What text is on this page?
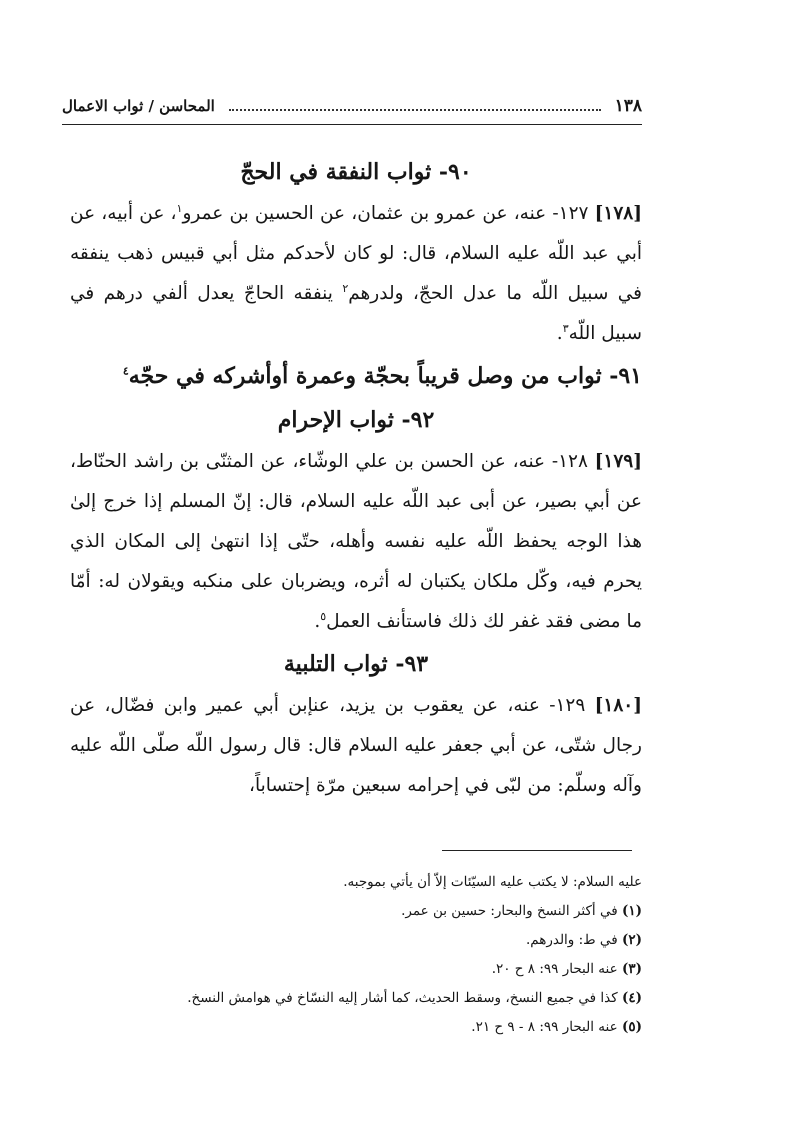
١٣٨
المحاسن / ثواب الاعمال

٩٠- ثواب النفقة في الحجّ

[١٧٨] ١٢٧- عنه، عن عمرو بن عثمان، عن الحسين بن عمرو$^١$، عن أبيه، عن أبي عبد اللّه عليه السلام، قال: لو كان لأحدكم مثل أبي قبيس ذهب ينفقه في سبيل اللّه ما عدل الحجّ، ولدرهم$^٢$ ينفقه الحاجّ يعدل ألفي درهم في سبيل اللّه$^٣$.

٩١- ثواب من وصل قريباً بحجّة وعمرة أوأشركه في حجّه$^٤$

٩٢- ثواب الإحرام

[١٧٩] ١٢٨- عنه، عن الحسن بن علي الوشّاء، عن المثنّى بن راشد الحنّاط، عن أبي بصير، عن أبى عبد اللّه عليه السلام، قال: إنّ المسلم إذا خرج إلىٰ هذا الوجه يحفظ اللّه عليه نفسه وأهله، حتّى إذا انتهىٰ إلى المكان الذي يحرم فيه، وكّل ملكان يكتبان له أثره، ويضربان على منكبه ويقولان له: أمّا ما مضى فقد غفر لك ذلك فاستأنف العمل$^٥$.

٩٣- ثواب التلبية

[١٨٠] ١٢٩- عنه، عن يعقوب بن يزيد، عنإبن أبي عمير وابن فضّال، عن رجال شتّى، عن أبي جعفر عليه السلام قال: قال رسول اللّه صلّى اللّه عليه وآله وسلّم: من لبّى في إحرامه سبعين مرّة إحتساباً،

عليه السلام: لا يكتب عليه السيّئات إلاّ أن يأتي بموجبه.

(١) في أكثر النسخ والبحار: حسين بن عمر.

(٢) في ط: والدرهم.

(٣) عنه البحار ٩٩: ٨ ح ٢٠.

(٤) كذا في جميع النسخ، وسقط الحديث، كما أشار إليه النسّاخ في هوامش النسخ.

(٥) عنه البحار ٩٩: ٨ - ٩ ح ٢١.
